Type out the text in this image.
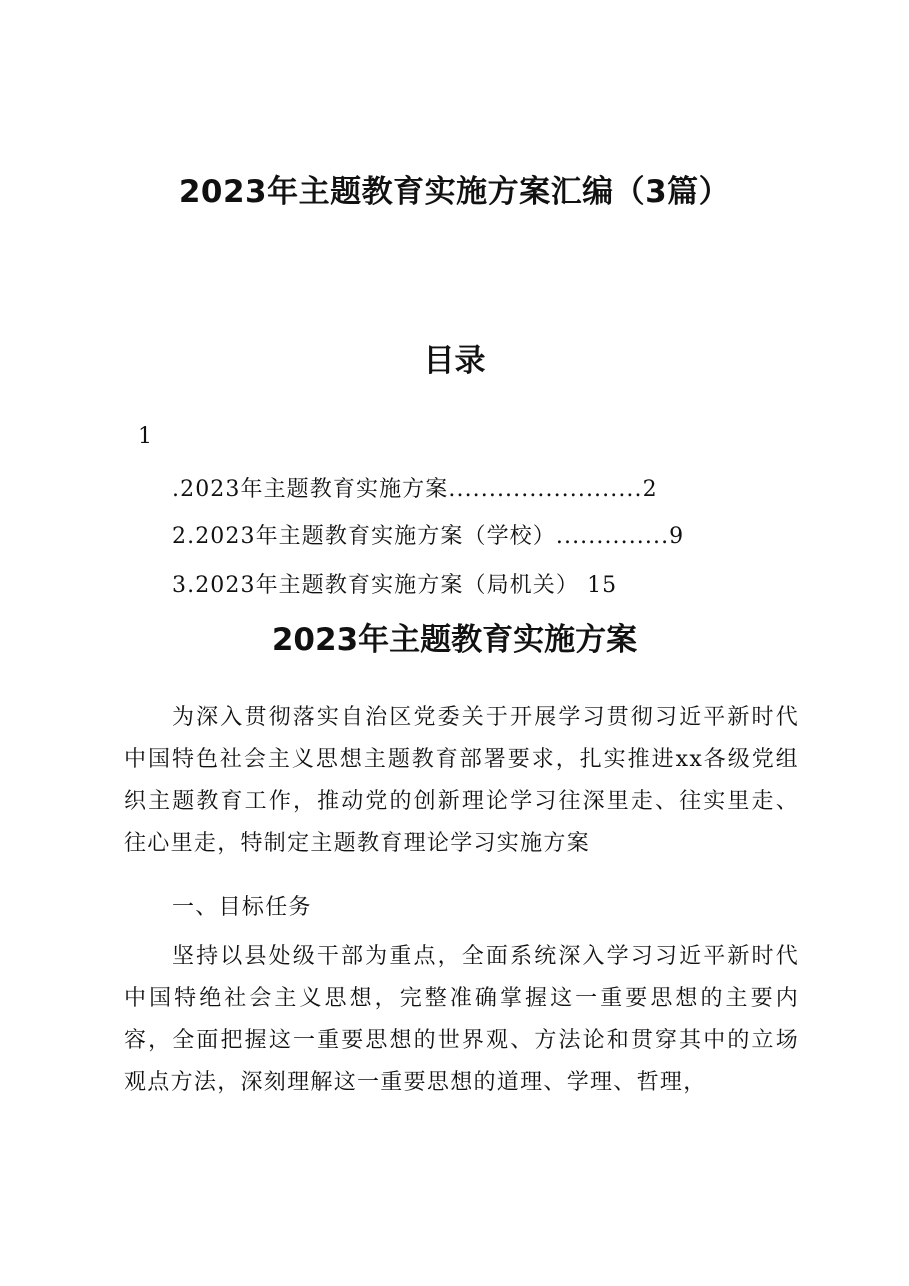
2023年主题教育实施方案汇编（3篇）
目录
1
.2023年主题教育实施方案........................2
2.2023年主题教育实施方案（学校）..............9
3.2023年主题教育实施方案（局机关） 15
2023年主题教育实施方案
为深入贯彻落实自治区党委关于开展学习贯彻习近平新时代中国特色社会主义思想主题教育部署要求，扎实推进xx各级党组织主题教育工作，推动党的创新理论学习往深里走、往实里走、往心里走，特制定主题教育理论学习实施方案
一、目标任务
坚持以县处级干部为重点，全面系统深入学习习近平新时代中国特绝社会主义思想，完整准确掌握这一重要思想的主要内容，全面把握这一重要思想的世界观、方法论和贯穿其中的立场观点方法，深刻理解这一重要思想的道理、学理、哲理，
